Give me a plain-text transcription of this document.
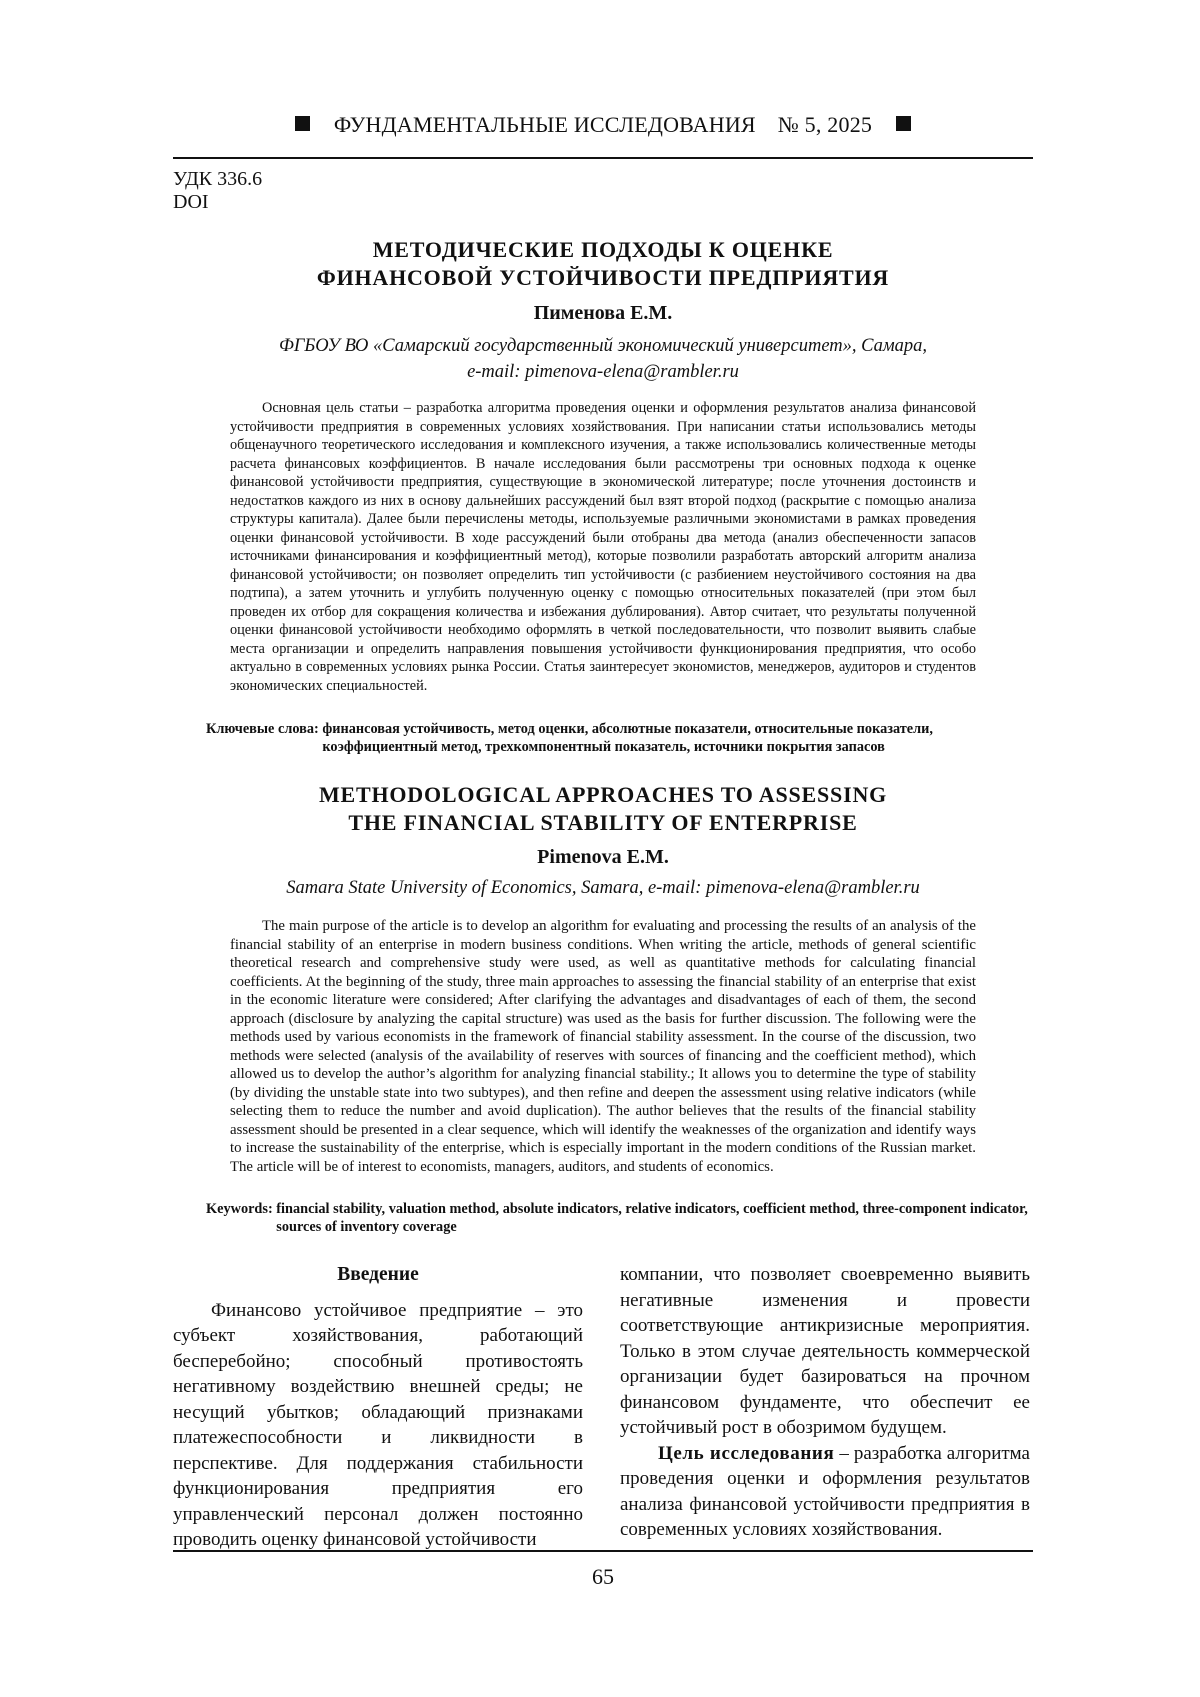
ФУНДАМЕНТАЛЬНЫЕ ИССЛЕДОВАНИЯ № 5, 2025
УДК 336.6
DOI
МЕТОДИЧЕСКИЕ ПОДХОДЫ К ОЦЕНКЕ
ФИНАНСОВОЙ УСТОЙЧИВОСТИ ПРЕДПРИЯТИЯ
Пименова Е.М.
ФГБОУ ВО «Самарский государственный экономический университет», Самара,
e-mail: pimenova-elena@rambler.ru

Основная цель статьи – разработка алгоритма проведения оценки и оформления результатов анализа финансовой устойчивости предприятия в современных условиях хозяйствования. При написании статьи использовались методы общенаучного теоретического исследования и комплексного изучения, а также использовались количественные методы расчета финансовых коэффициентов. В начале исследования были рассмотрены три основных подхода к оценке финансовой устойчивости предприятия, существующие в экономической литературе; после уточнения достоинств и недостатков каждого из них в основу дальнейших рассуждений был взят второй подход (раскрытие с помощью анализа структуры капитала). Далее были перечислены методы, используемые различными экономистами в рамках проведения оценки финансовой устойчивости. В ходе рассуждений были отобраны два метода (анализ обеспеченности запасов источниками финансирования и коэффициентный метод), которые позволили разработать авторский алгоритм анализа финансовой устойчивости; он позволяет определить тип устойчивости (с разбиением неустойчивого состояния на два подтипа), а затем уточнить и углубить полученную оценку с помощью относительных показателей (при этом был проведен их отбор для сокращения количества и избежания дублирования). Автор считает, что результаты полученной оценки финансовой устойчивости необходимо оформлять в четкой последовательности, что позволит выявить слабые места организации и определить направления повышения устойчивости функционирования предприятия, что особо актуально в современных условиях рынка России. Статья заинтересует экономистов, менеджеров, аудиторов и студентов экономических специальностей.

Ключевые слова:
финансовая устойчивость, метод оценки, абсолютные показатели, относительные показатели, коэффициентный метод, трехкомпонентный показатель, источники покрытия запасов
METHODOLOGICAL APPROACHES TO ASSESSING
THE FINANCIAL STABILITY OF ENTERPRISE
Pimenova E.M.
Samara State University of Economics, Samara, e-mail: pimenova-elena@rambler.ru

The main purpose of the article is to develop an algorithm for evaluating and processing the results of an analysis of the financial stability of an enterprise in modern business conditions. When writing the article, methods of general scientific theoretical research and comprehensive study were used, as well as quantitative methods for calculating financial coefficients. At the beginning of the study, three main approaches to assessing the financial stability of an enterprise that exist in the economic literature were considered; After clarifying the advantages and disadvantages of each of them, the second approach (disclosure by analyzing the capital structure) was used as the basis for further discussion. The following were the methods used by various economists in the framework of financial stability assessment. In the course of the discussion, two methods were selected (analysis of the availability of reserves with sources of financing and the coefficient method), which allowed us to develop the author’s algorithm for analyzing financial stability.; It allows you to determine the type of stability (by dividing the unstable state into two subtypes), and then refine and deepen the assessment using relative indicators (while selecting them to reduce the number and avoid duplication). The author believes that the results of the financial stability assessment should be presented in a clear sequence, which will identify the weaknesses of the organization and identify ways to increase the sustainability of the enterprise, which is especially important in the modern conditions of the Russian market. The article will be of interest to economists, managers, auditors, and students of economics.

Keywords:
financial stability, valuation method, absolute indicators, relative indicators, coefficient method, three-component indicator, sources of inventory coverage
Введение

Финансово устойчивое предприятие – это субъект хозяйствования, работающий бесперебойно; способный противостоять негативному воздействию внешней среды; не несущий убытков; обладающий признаками платежеспособности и ликвидности в перспективе. Для поддержания стабильности функционирования предприятия его управленческий персонал должен постоянно проводить оценку финансовой устойчивости

компании, что позволяет своевременно выявить негативные изменения и провести соответствующие антикризисные мероприятия. Только в этом случае деятельность коммерческой организации будет базироваться на прочном финансовом фундаменте, что обеспечит ее устойчивый рост в обозримом будущем.

Цель исследования – разработка алгоритма проведения оценки и оформления результатов анализа финансовой устойчивости предприятия в современных условиях хозяйствования.

65
